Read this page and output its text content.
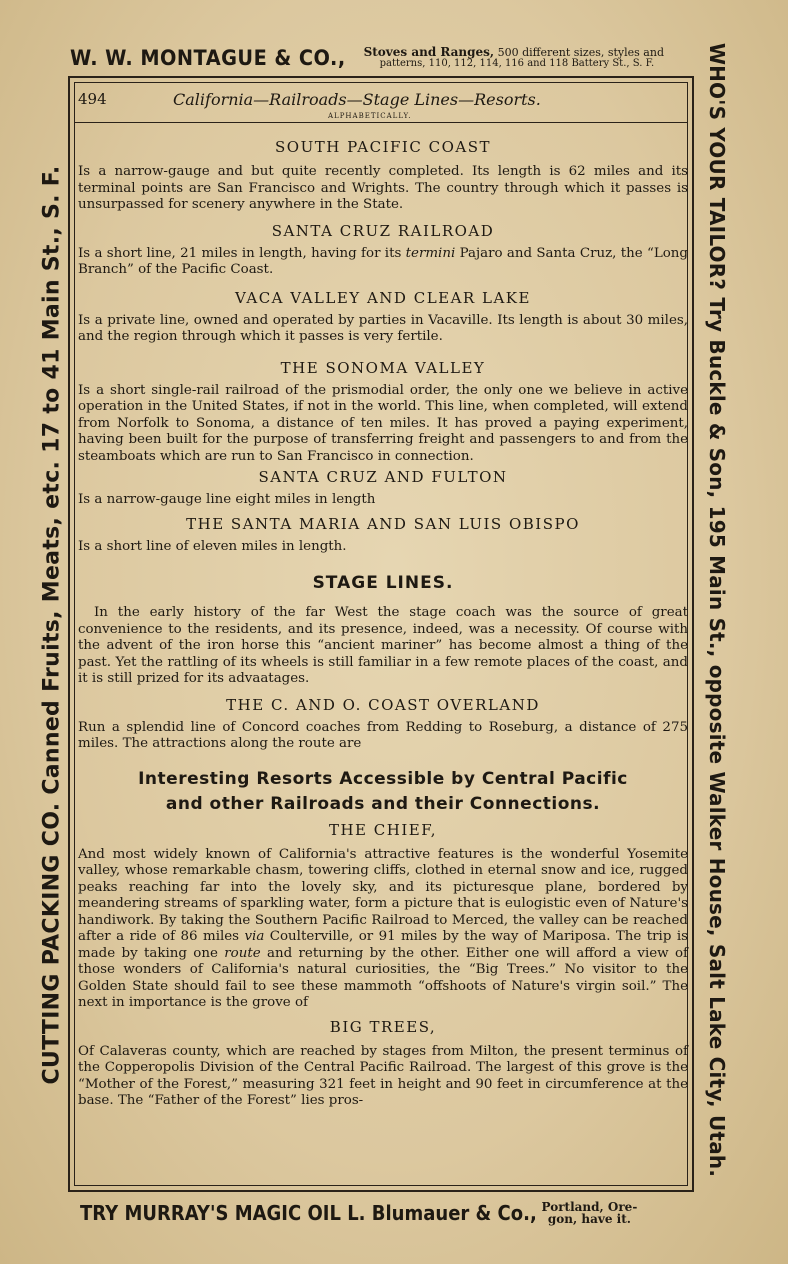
W. W. MONTAGUE & CO., Stoves and Ranges, 500 different sizes, styles and
patterns, 110, 112, 114, 116 and 118 Battery St., S. F.
CUTTING PACKING CO. Canned Fruits, Meats, etc. 17 to 41 Main St., S. F.	WHO'S YOUR TAILOR? Try Buckle & Son, 195 Main St., opposite Walker House, Salt Lake City, Utah.
494	California—Railroads—Stage Lines—Resorts.
ALPHABETICALLY.
SOUTH PACIFIC COAST

Is a narrow-gauge and but quite recently completed. Its length is 62 miles and its terminal points are San Francisco and Wrights. The country through which it passes is unsurpassed for scenery anywhere in the State.

SANTA CRUZ RAILROAD

Is a short line, 21 miles in length, having for its termini Pajaro and Santa Cruz, the “Long Branch” of the Pacific Coast.

VACA VALLEY AND CLEAR LAKE

Is a private line, owned and operated by parties in Vacaville. Its length is about 30 miles, and the region through which it passes is very fertile.

THE SONOMA VALLEY

Is a short single-rail railroad of the prismodial order, the only one we believe in active operation in the United States, if not in the world. This line, when completed, will extend from Norfolk to Sonoma, a distance of ten miles. It has proved a paying experiment, having been built for the purpose of transferring freight and passengers to and from the steamboats which are run to San Francisco in connection.

SANTA CRUZ AND FULTON

Is a narrow-gauge line eight miles in length

THE SANTA MARIA AND SAN LUIS OBISPO

Is a short line of eleven miles in length.

STAGE LINES.

In the early history of the far West the stage coach was the source of great convenience to the residents, and its presence, indeed, was a necessity. Of course with the advent of the iron horse this “ancient mariner” has become almost a thing of the past. Yet the rattling of its wheels is still familiar in a few remote places of the coast, and it is still prized for its advaatages.

THE C. AND O. COAST OVERLAND

Run a splendid line of Concord coaches from Redding to Roseburg, a distance of 275 miles. The attractions along the route are

Interesting Resorts Accessible by Central Pacific
and other Railroads and their Connections.
THE CHIEF,

And most widely known of California's attractive features is the wonderful Yosemite valley, whose remarkable chasm, towering cliffs, clothed in eternal snow and ice, rugged peaks reaching far into the lovely sky, and its picturesque plane, bordered by meandering streams of sparkling water, form a picture that is eulogistic even of Nature's handiwork. By taking the Southern Pacific Railroad to Merced, the valley can be reached after a ride of 86 miles via Coulterville, or 91 miles by the way of Mariposa. The trip is made by taking one route and returning by the other. Either one will afford a view of those wonders of California's natural curiosities, the “Big Trees.” No visitor to the Golden State should fail to see these mammoth “offshoots of Nature's virgin soil.” The next in importance is the grove of

BIG TREES,

Of Calaveras county, which are reached by stages from Milton, the present terminus of the Copperopolis Division of the Central Pacific Railroad. The largest of this grove is the “Mother of the Forest,” measuring 321 feet in height and 90 feet in circumference at the base. The “Father of the Forest” lies pros-

TRY MURRAY'S MAGIC OIL L. Blumauer & Co., Portland, Ore-
gon, have it.
